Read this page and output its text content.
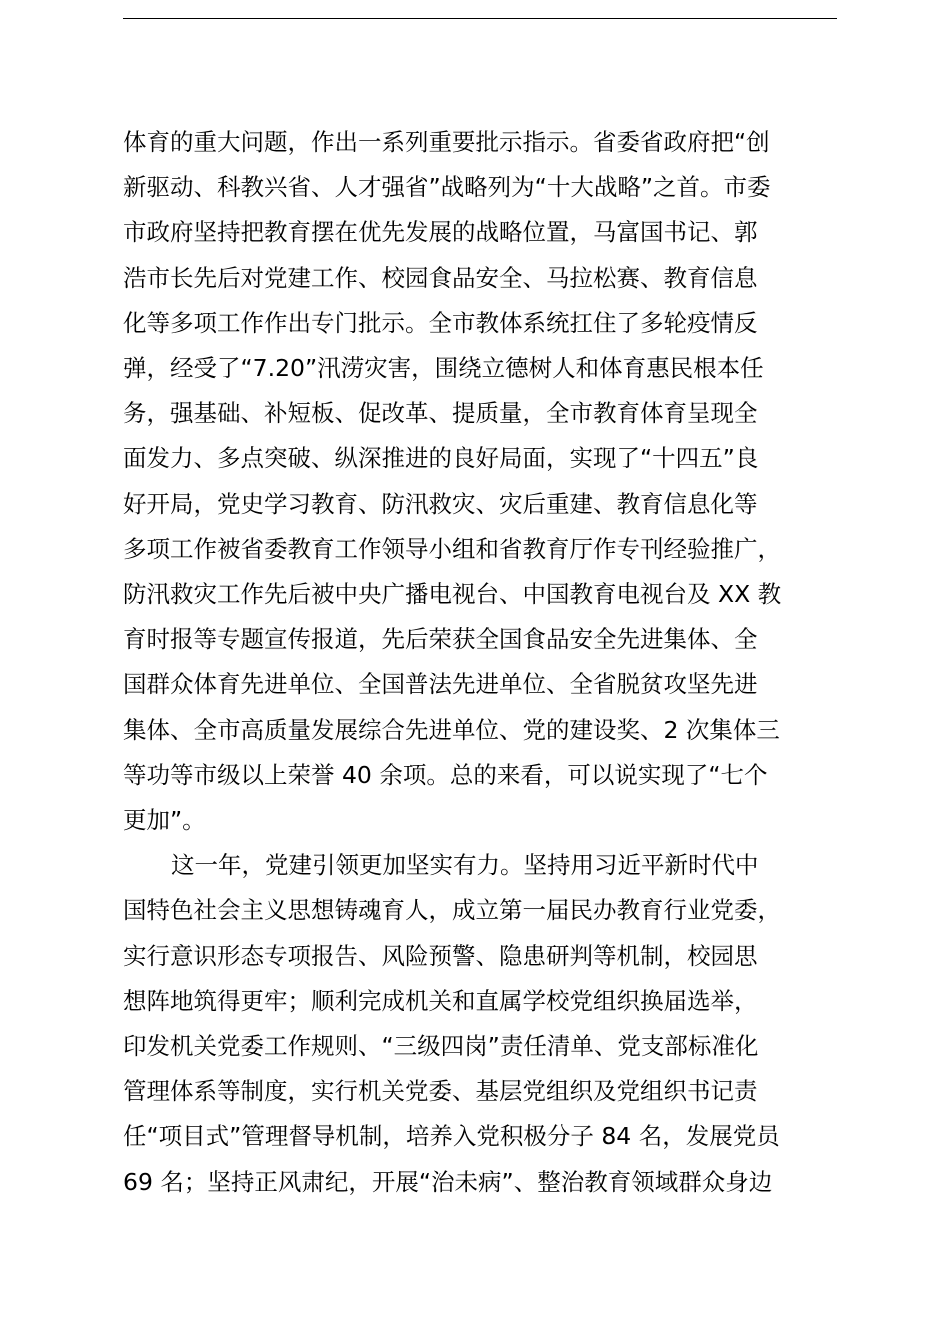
体育的重大问题，作出一系列重要批示指示。省委省政府把“创
新驱动、科教兴省、人才强省”战略列为“十大战略”之首。市委
市政府坚持把教育摆在优先发展的战略位置，马富国书记、郭
浩市长先后对党建工作、校园食品安全、马拉松赛、教育信息
化等多项工作作出专门批示。全市教体系统扛住了多轮疫情反
弹，经受了“7.20”汛涝灾害，围绕立德树人和体育惠民根本任
务，强基础、补短板、促改革、提质量，全市教育体育呈现全
面发力、多点突破、纵深推进的良好局面，实现了“十四五”良
好开局，党史学习教育、防汛救灾、灾后重建、教育信息化等
多项工作被省委教育工作领导小组和省教育厅作专刊经验推广，
防汛救灾工作先后被中央广播电视台、中国教育电视台及 XX 教
育时报等专题宣传报道，先后荣获全国食品安全先进集体、全
国群众体育先进单位、全国普法先进单位、全省脱贫攻坚先进
集体、全市高质量发展综合先进单位、党的建设奖、2 次集体三
等功等市级以上荣誉 40 余项。总的来看，可以说实现了“七个
更加”。

这一年，党建引领更加坚实有力。坚持用习近平新时代中
国特色社会主义思想铸魂育人，成立第一届民办教育行业党委，
实行意识形态专项报告、风险预警、隐患研判等机制，校园思
想阵地筑得更牢；顺利完成机关和直属学校党组织换届选举，
印发机关党委工作规则、“三级四岗”责任清单、党支部标准化
管理体系等制度，实行机关党委、基层党组织及党组织书记责
任“项目式”管理督导机制，培养入党积极分子 84 名，发展党员
69 名；坚持正风肃纪，开展“治未病”、整治教育领域群众身边
